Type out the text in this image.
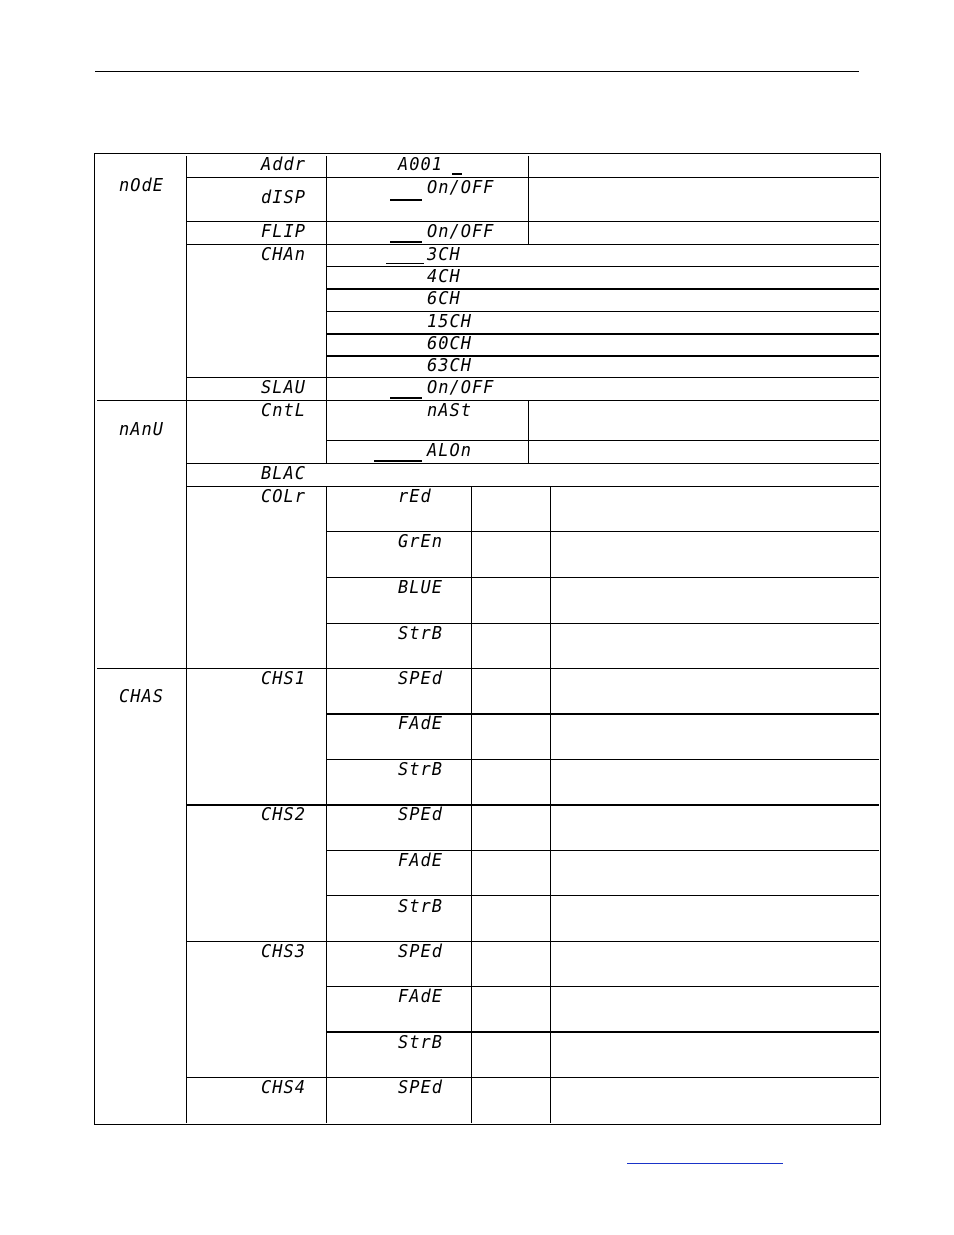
nOdE
nAnU
CHAS
Addr
dISP
FLIP
CHAn
SLAU
CntL
BLAC
COLr
CHS1
CHS2
CHS3
CHS4
A001
On/OFF
On/OFF
3CH
4CH
6CH
15CH
60CH
63CH
On/OFF
nASt
ALOn
rEd
GrEn
BLUE
StrB
SPEd
FAdE
StrB
SPEd
FAdE
StrB
SPEd
FAdE
StrB
SPEd
